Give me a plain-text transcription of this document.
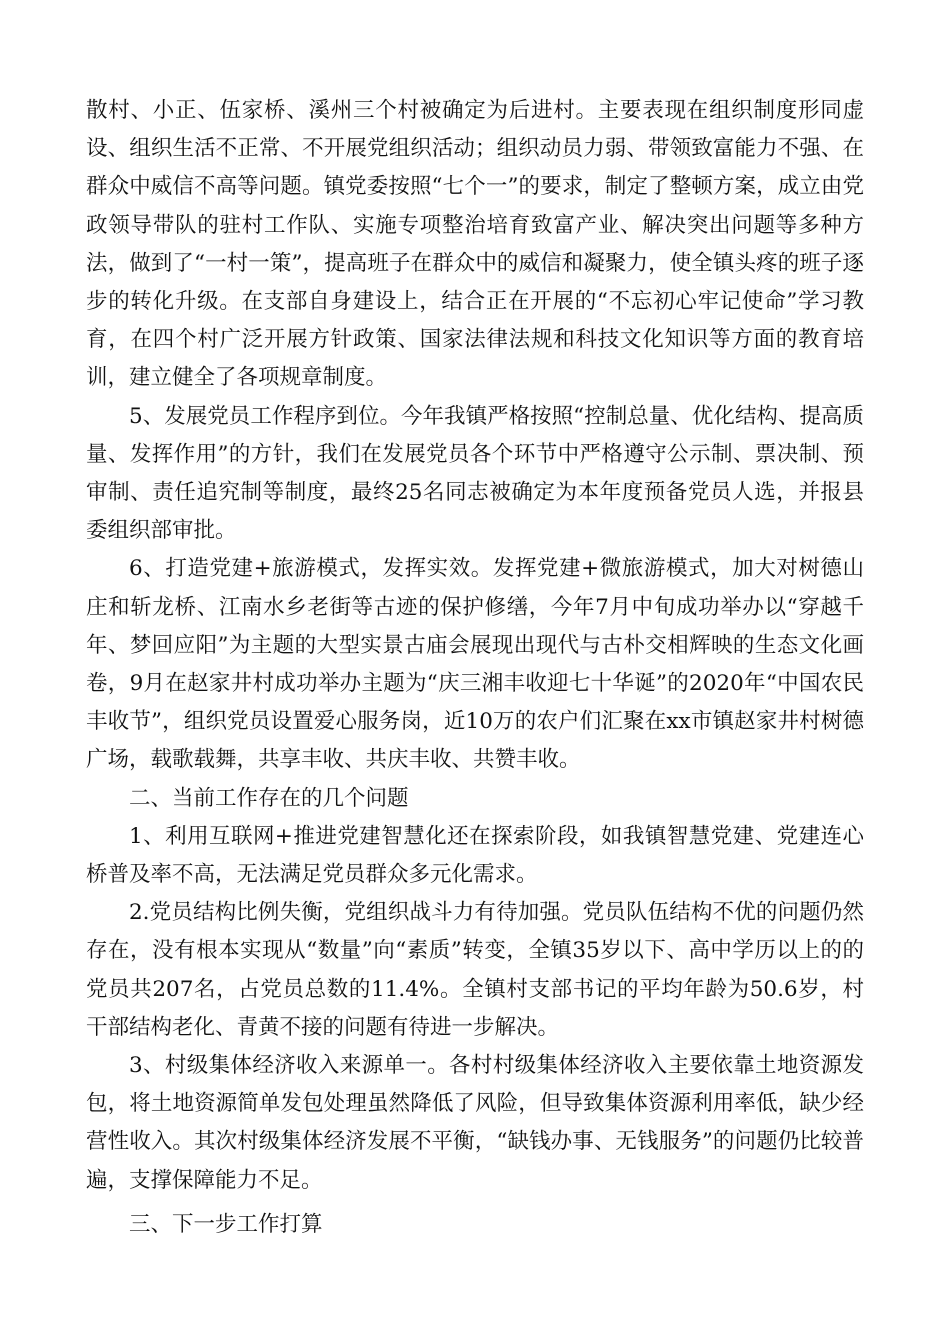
散村、小正、伍家桥、溪州三个村被确定为后进村。主要表现在组织制度形同虚设、组织生活不正常、不开展党组织活动；组织动员力弱、带领致富能力不强、在群众中威信不高等问题。镇党委按照“七个一”的要求，制定了整顿方案，成立由党政领导带队的驻村工作队、实施专项整治培育致富产业、解决突出问题等多种方法，做到了“一村一策”，提高班子在群众中的威信和凝聚力，使全镇头疼的班子逐步的转化升级。在支部自身建设上，结合正在开展的“不忘初心牢记使命”学习教育，在四个村广泛开展方针政策、国家法律法规和科技文化知识等方面的教育培训，建立健全了各项规章制度。

5、发展党员工作程序到位。今年我镇严格按照“控制总量、优化结构、提高质量、发挥作用”的方针，我们在发展党员各个环节中严格遵守公示制、票决制、预审制、责任追究制等制度，最终25名同志被确定为本年度预备党员人选，并报县委组织部审批。

6、打造党建+旅游模式，发挥实效。发挥党建+微旅游模式，加大对树德山庄和斩龙桥、江南水乡老街等古迹的保护修缮，今年7月中旬成功举办以“穿越千年、梦回应阳”为主题的大型实景古庙会展现出现代与古朴交相辉映的生态文化画卷，9月在赵家井村成功举办主题为“庆三湘丰收迎七十华诞”的2020年“中国农民丰收节”，组织党员设置爱心服务岗，近10万的农户们汇聚在xx市镇赵家井村树德广场，载歌载舞，共享丰收、共庆丰收、共赞丰收。

二、当前工作存在的几个问题

1、利用互联网+推进党建智慧化还在探索阶段，如我镇智慧党建、党建连心桥普及率不高，无法满足党员群众多元化需求。

2.党员结构比例失衡，党组织战斗力有待加强。党员队伍结构不优的问题仍然存在，没有根本实现从“数量”向“素质”转变，全镇35岁以下、高中学历以上的的党员共207名，占党员总数的11.4%。全镇村支部书记的平均年龄为50.6岁，村干部结构老化、青黄不接的问题有待进一步解决。

3、村级集体经济收入来源单一。各村村级集体经济收入主要依靠土地资源发包，将土地资源简单发包处理虽然降低了风险，但导致集体资源利用率低，缺少经营性收入。其次村级集体经济发展不平衡，“缺钱办事、无钱服务”的问题仍比较普遍，支撑保障能力不足。

三、下一步工作打算
